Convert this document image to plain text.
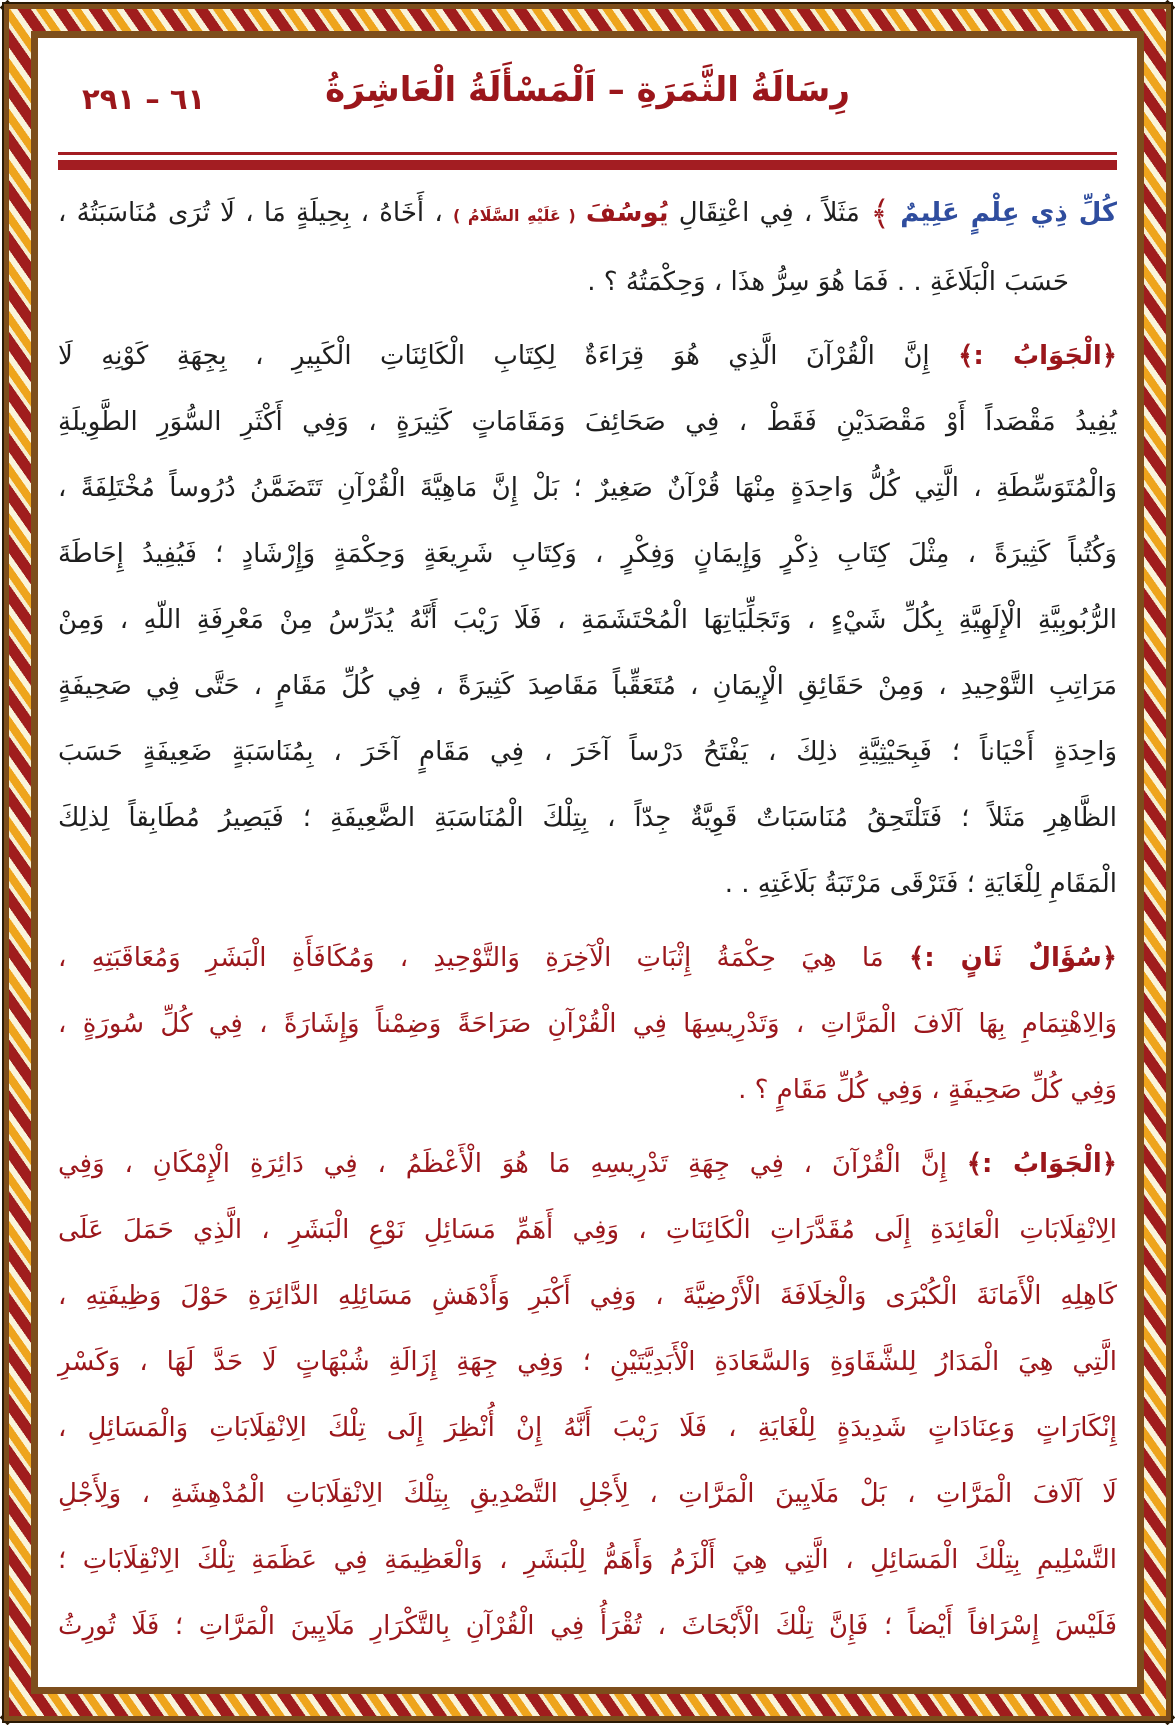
رِسَالَةُ الثَّمَرَةِ – اَلْمَسْأَلَةُ الْعَاشِرَةُ
٦١ – ٢٩١
كُلِّ ذِي عِلْمٍ عَلِيمٌ ﴾ مَثَلاً ، فِي اعْتِقَالِ يُوسُفَ ( عَلَيْهِ السَّلَامُ ) ، أَخَاهُ ، بِحِيلَةٍ مَا ، لَا تُرَى مُنَاسَبَتُهُ ،
حَسَبَ الْبَلَاغَةِ . . فَمَا هُوَ سِرُّ هذَا ، وَحِكْمَتُهُ ؟ .
﴿الْجَوَابُ :﴾ إِنَّ الْقُرْآنَ الَّذِي هُوَ قِرَاءَةٌ لِكِتَابِ الْكَائِنَاتِ الْكَبِيرِ ، بِجِهَةِ كَوْنِهِ لَا
يُفِيدُ مَقْصَداً أَوْ مَقْصَدَيْنِ فَقَطْ ، فِي صَحَائِفَ وَمَقَامَاتٍ كَثِيرَةٍ ، وَفِي أَكْثَرِ السُّوَرِ الطَّوِيلَةِ
وَالْمُتَوَسِّطَةِ ، الَّتِي كُلُّ وَاحِدَةٍ مِنْهَا قُرْآنٌ صَغِيرٌ ؛ بَلْ إِنَّ مَاهِيَّةَ الْقُرْآنِ تَتَضَمَّنُ دُرُوساً مُخْتَلِفَةً ،
وَكُتُباً كَثِيرَةً ، مِثْلَ كِتَابِ ذِكْرٍ وَإِيمَانٍ وَفِكْرٍ ، وَكِتَابِ شَرِيعَةٍ وَحِكْمَةٍ وَإِرْشَادٍ ؛ فَيُفِيدُ إِحَاطَةَ
الرُّبُوبِيَّةِ الْإِلَهِيَّةِ بِكُلِّ شَيْءٍ ، وَتَجَلِّيَاتِهَا الْمُحْتَشَمَةِ ، فَلَا رَيْبَ أَنَّهُ يُدَرِّسُ مِنْ مَعْرِفَةِ اللّهِ ، وَمِنْ
مَرَاتِبِ التَّوْحِيدِ ، وَمِنْ حَقَائِقِ الْإِيمَانِ ، مُتَعَقِّباً مَقَاصِدَ كَثِيرَةً ، فِي كُلِّ مَقَامٍ ، حَتَّى فِي صَحِيفَةٍ
وَاحِدَةٍ أَحْيَاناً ؛ فَبِحَيْثِيَّةِ ذلِكَ ، يَفْتَحُ دَرْساً آخَرَ ، فِي مَقَامٍ آخَرَ ، بِمُنَاسَبَةٍ ضَعِيفَةٍ حَسَبَ
الظَّاهِرِ مَثَلاً ؛ فَتَلْتَحِقُ مُنَاسَبَاتٌ قَوِيَّةٌ جِدّاً ، بِتِلْكَ الْمُنَاسَبَةِ الضَّعِيفَةِ ؛ فَيَصِيرُ مُطَابِقاً لِذلِكَ
الْمَقَامِ لِلْغَايَةِ ؛ فَتَرْقَى مَرْتَبَةُ بَلَاغَتِهِ . .
﴿سُؤَالٌ ثَانٍ :﴾ مَا هِيَ حِكْمَةُ إِثْبَاتِ الْآخِرَةِ وَالتَّوْحِيدِ ، وَمُكَافَأَةِ الْبَشَرِ وَمُعَاقَبَتِهِ ،
وَالِاهْتِمَامِ بِهَا آلَافَ الْمَرَّاتِ ، وَتَدْرِيسِهَا فِي الْقُرْآنِ صَرَاحَةً وَضِمْناً وَإِشَارَةً ، فِي كُلِّ سُورَةٍ ،
وَفِي كُلِّ صَحِيفَةٍ ، وَفِي كُلِّ مَقَامٍ ؟ .
﴿الْجَوَابُ :﴾ إِنَّ الْقُرْآنَ ، فِي جِهَةِ تَدْرِيسِهِ مَا هُوَ الْأَعْظَمُ ، فِي دَائِرَةِ الْإِمْكَانِ ، وَفِي
الِانْقِلَابَاتِ الْعَائِدَةِ إِلَى مُقَدَّرَاتِ الْكَائِنَاتِ ، وَفِي أَهَمِّ مَسَائِلِ نَوْعِ الْبَشَرِ ، الَّذِي حَمَلَ عَلَى
كَاهِلِهِ الْأَمَانَةَ الْكُبْرَى وَالْخِلَافَةَ الْأَرْضِيَّةَ ، وَفِي أَكْبَرِ وَأَدْهَشِ مَسَائِلِهِ الدَّائِرَةِ حَوْلَ وَظِيفَتِهِ ،
الَّتِي هِيَ الْمَدَارُ لِلشَّقَاوَةِ وَالسَّعَادَةِ الْأَبَدِيَّتَيْنِ ؛ وَفِي جِهَةِ إِزَالَةِ شُبْهَاتٍ لَا حَدَّ لَهَا ، وَكَسْرِ
إِنْكَارَاتٍ وَعِنَادَاتٍ شَدِيدَةٍ لِلْغَايَةِ ، فَلَا رَيْبَ أَنَّهُ إِنْ أُنْظِرَ إِلَى تِلْكَ الِانْقِلَابَاتِ وَالْمَسَائِلِ ،
لَا آلَافَ الْمَرَّاتِ ، بَلْ مَلَايِينَ الْمَرَّاتِ ، لِأَجْلِ التَّصْدِيقِ بِتِلْكَ الِانْقِلَابَاتِ الْمُدْهِشَةِ ، وَلِأَجْلِ
التَّسْلِيمِ بِتِلْكَ الْمَسَائِلِ ، الَّتِي هِيَ أَلْزَمُ وَأَهَمُّ لِلْبَشَرِ ، وَالْعَظِيمَةِ فِي عَظَمَةِ تِلْكَ الِانْقِلَابَاتِ ؛
فَلَيْسَ إِسْرَافاً أَيْضاً ؛ فَإِنَّ تِلْكَ الْأَبْحَاثَ ، تُقْرَأُ فِي الْقُرْآنِ بِالتَّكْرَارِ مَلَايِينَ الْمَرَّاتِ ؛ فَلَا تُورِثُ
